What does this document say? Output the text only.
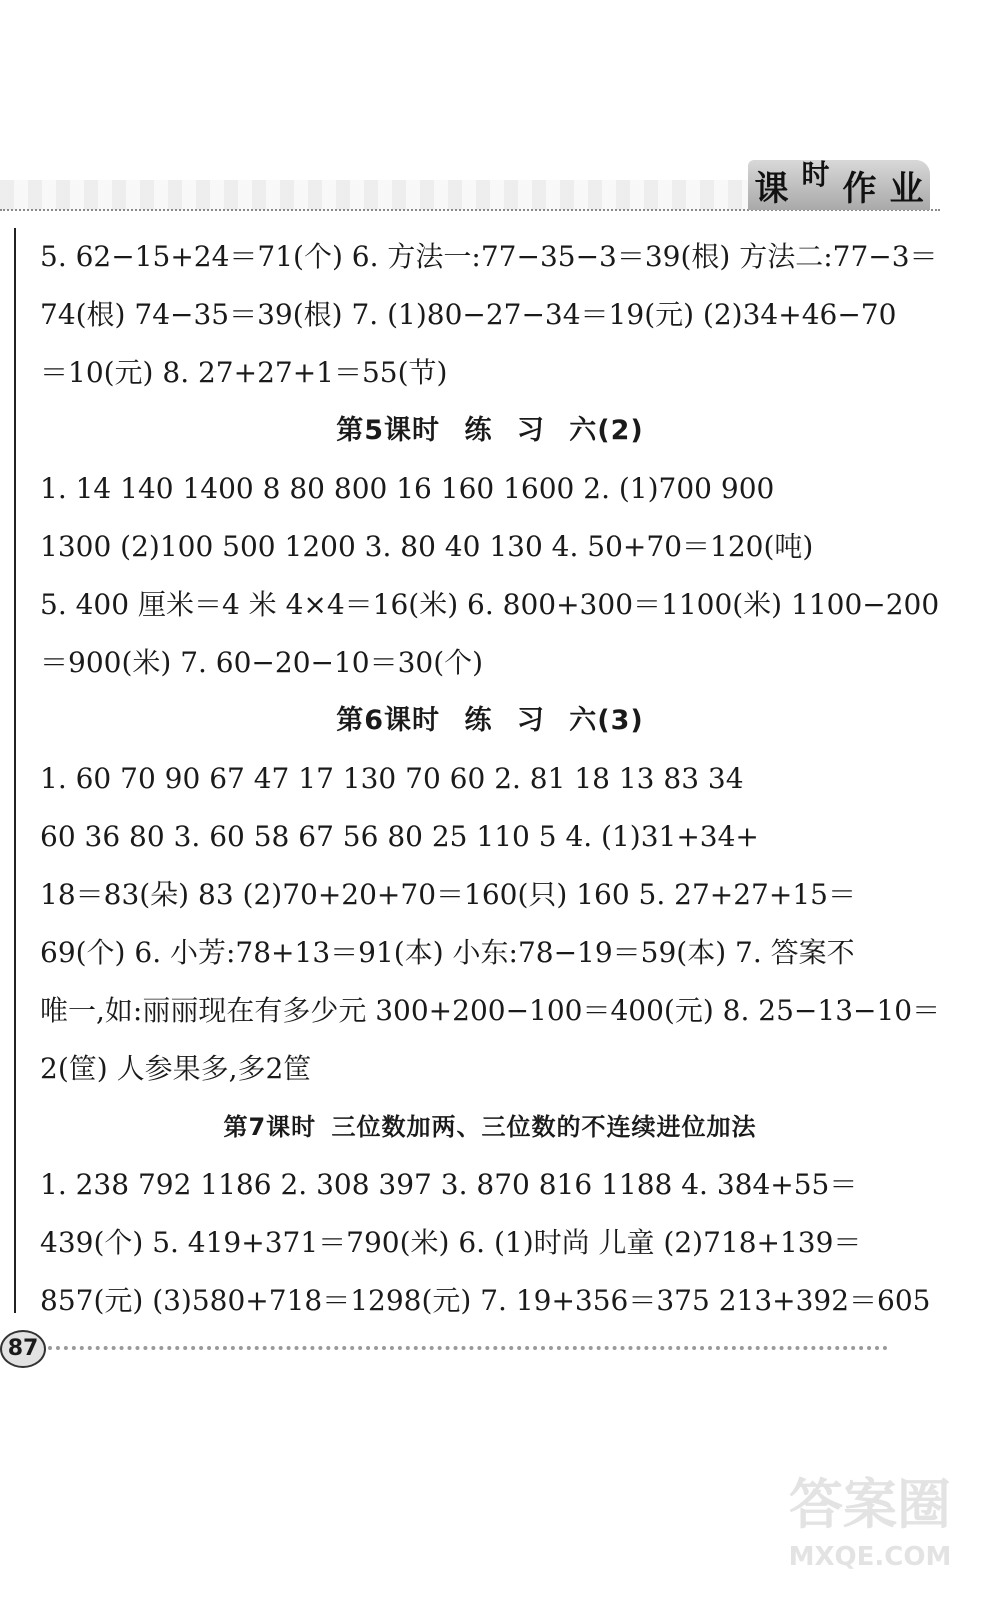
课 时 作 业
5. 62−15+24＝71(个) 6. 方法一:77−35−3＝39(根) 方法二:77−3＝
74(根) 74−35＝39(根) 7. (1)80−27−34＝19(元) (2)34+46−70
＝10(元) 8. 27+27+1＝55(节)
第5课时 练 习 六(2)
1. 14 140 1400 8 80 800 16 160 1600 2. (1)700 900
1300 (2)100 500 1200 3. 80 40 130 4. 50+70＝120(吨)
5. 400 厘米＝4 米 4×4＝16(米) 6. 800+300＝1100(米) 1100−200
＝900(米) 7. 60−20−10＝30(个)
第6课时 练 习 六(3)
1. 60 70 90 67 47 17 130 70 60 2. 81 18 13 83 34
60 36 80 3. 60 58 67 56 80 25 110 5 4. (1)31+34+
18＝83(朵) 83 (2)70+20+70＝160(只) 160 5. 27+27+15＝
69(个) 6. 小芳:78+13＝91(本) 小东:78−19＝59(本) 7. 答案不
唯一,如:丽丽现在有多少元 300+200−100＝400(元) 8. 25−13−10＝
2(筐) 人参果多,多2筐
第7课时 三位数加两、三位数的不连续进位加法
1. 238 792 1186 2. 308 397 3. 870 816 1188 4. 384+55＝
439(个) 5. 419+371＝790(米) 6. (1)时尚 儿童 (2)718+139＝
857(元) (3)580+718＝1298(元) 7. 19+356＝375 213+392＝605
87
答案圈
MXQE.COM
